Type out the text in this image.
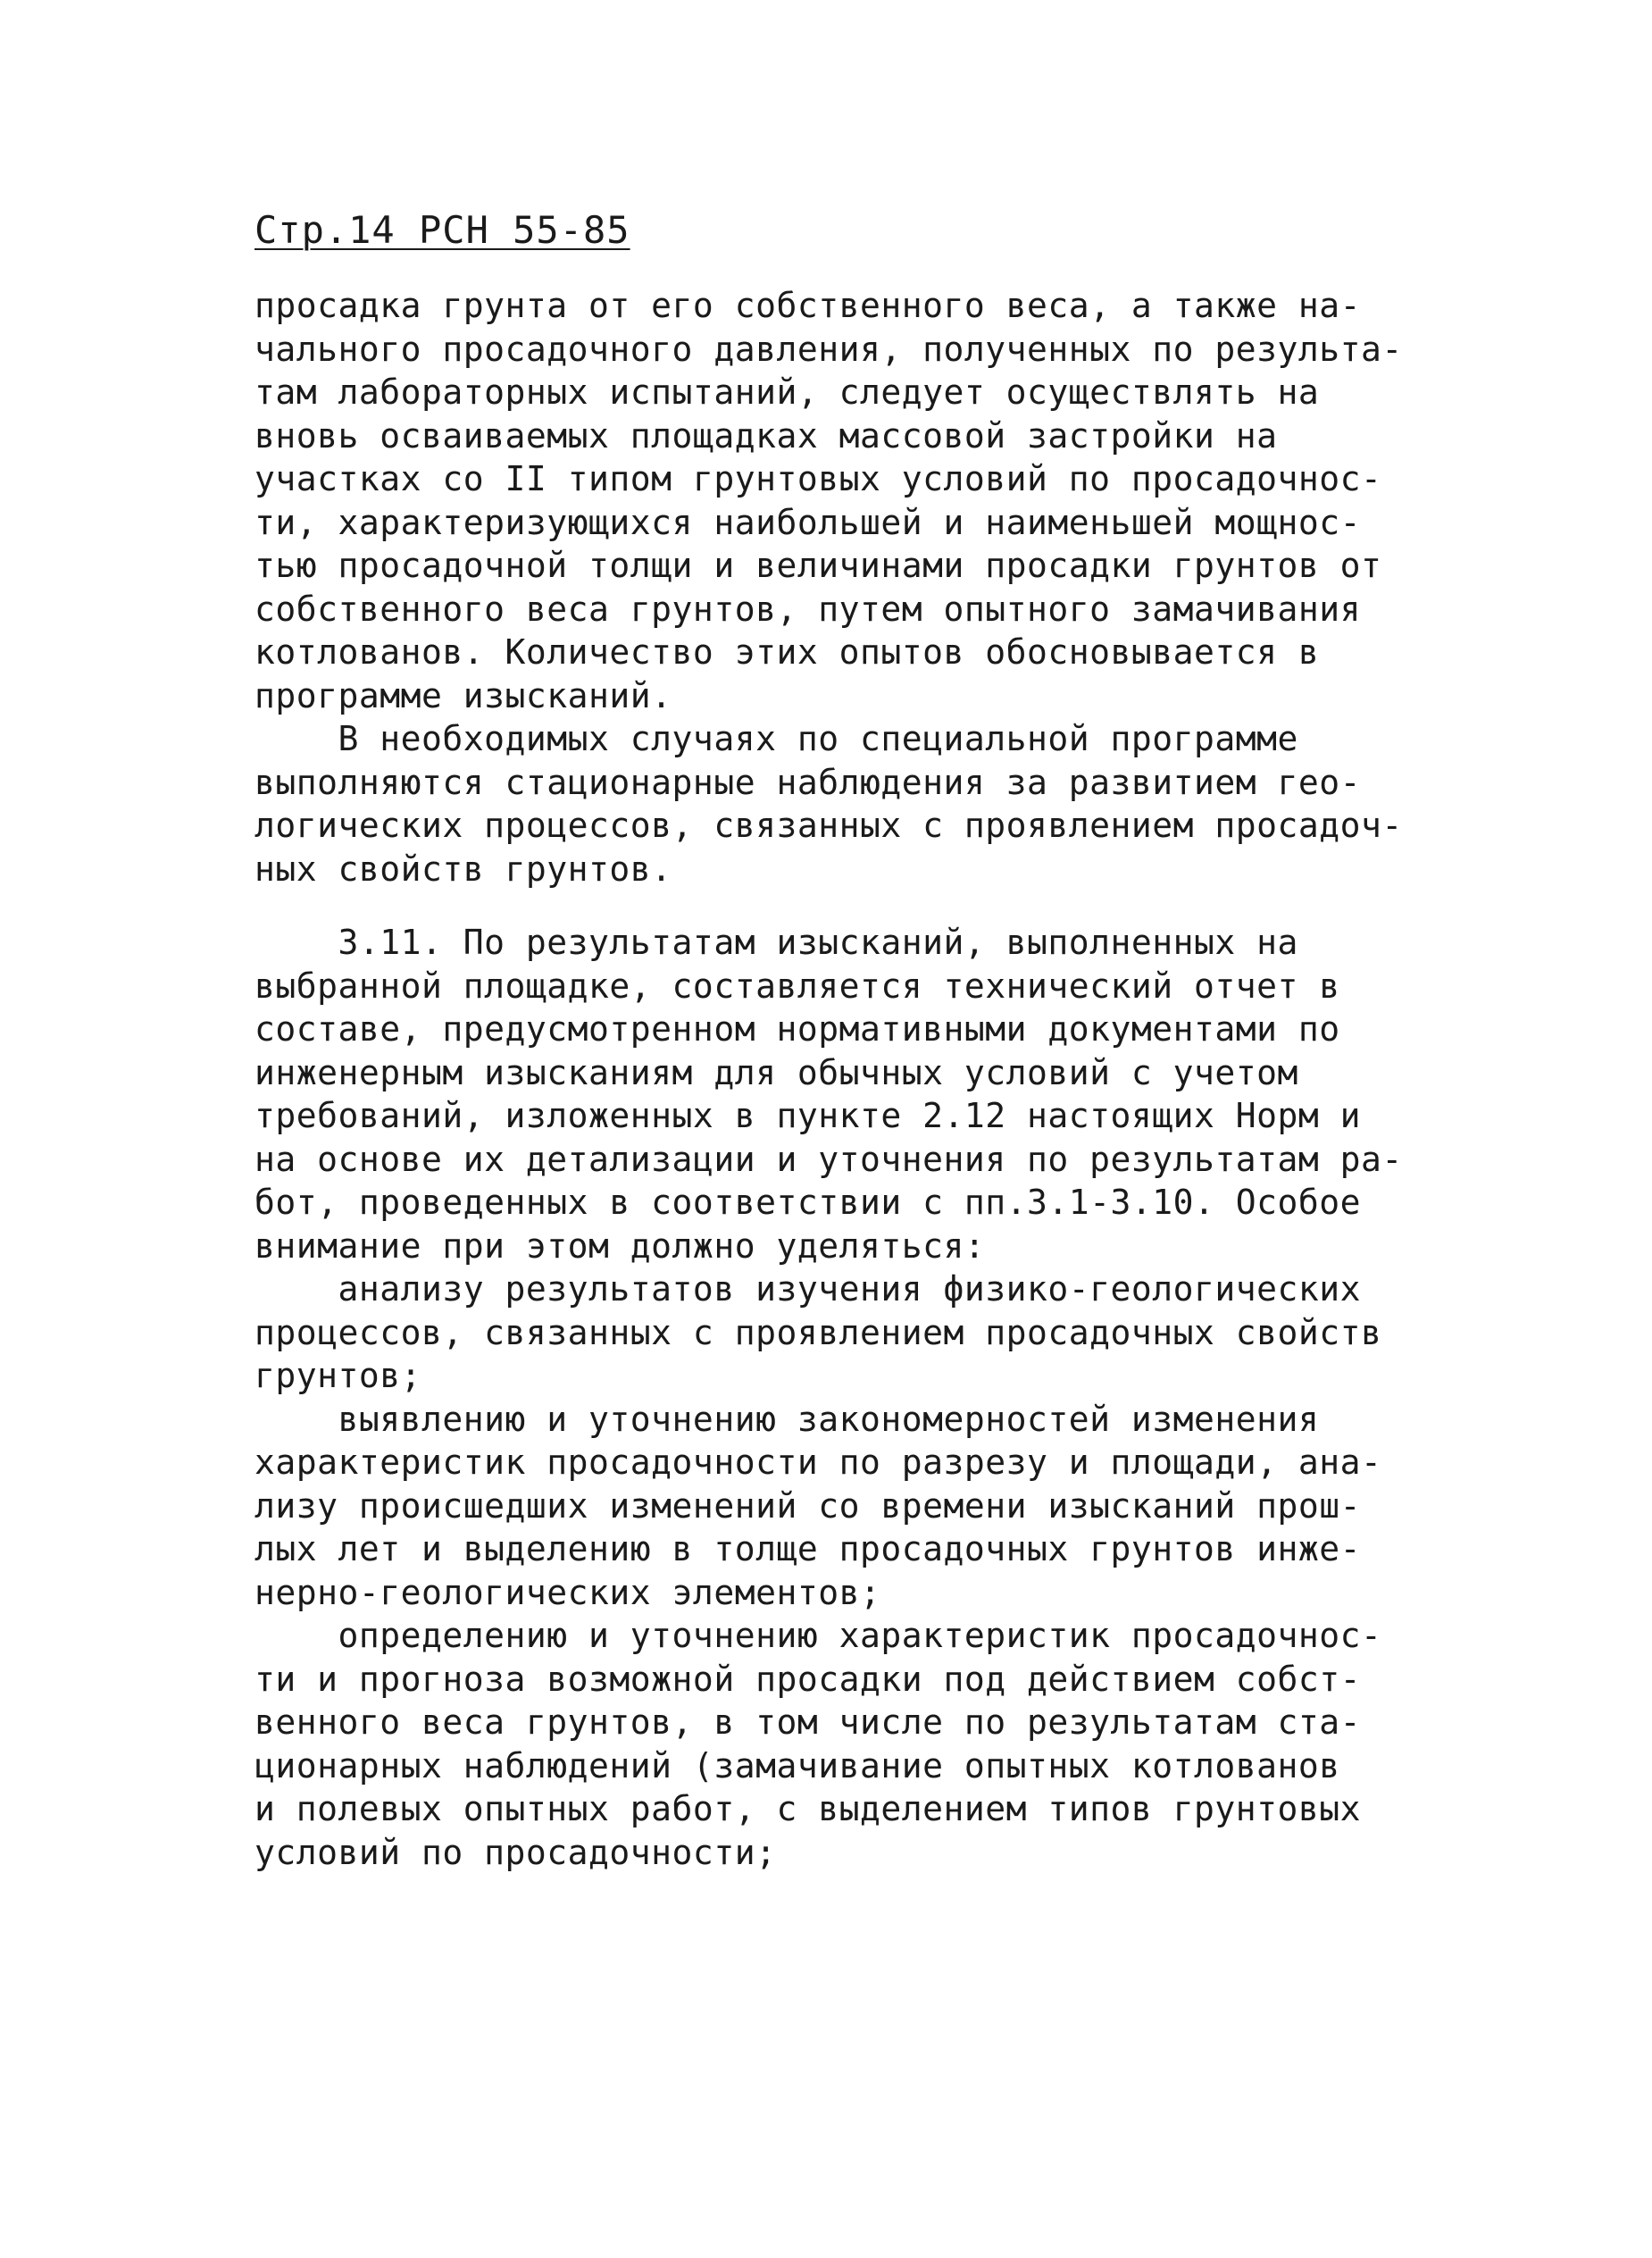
Стр.14 РСН 55-85
просадка грунта от его собственного веса, а также на-
чального просадочного давления, полученных по результа-
там лабораторных испытаний, следует осуществлять на
вновь осваиваемых площадках массовой застройки на
участках со II типом грунтовых условий по просадочнос-
ти, характеризующихся наибольшей и наименьшей мощнос-
тью просадочной толщи и величинами просадки грунтов от
собственного веса грунтов, путем опытного замачивания
котлованов. Количество этих опытов обосновывается в
программе изысканий.
В необходимых случаях по специальной программе
выполняются стационарные наблюдения за развитием гео-
логических процессов, связанных с проявлением просадоч-
ных свойств грунтов.
3.11. По результатам изысканий, выполненных на
выбранной площадке, составляется технический отчет в
составе, предусмотренном нормативными документами по
инженерным изысканиям для обычных условий с учетом
требований, изложенных в пункте 2.12 настоящих Норм и
на основе их детализации и уточнения по результатам ра-
бот, проведенных в соответствии с пп.3.1-3.10. Особое
внимание при этом должно уделяться:
анализу результатов изучения физико-геологических
процессов, связанных с проявлением просадочных свойств
грунтов;
выявлению и уточнению закономерностей изменения
характеристик просадочности по разрезу и площади, ана-
лизу происшедших изменений со времени изысканий прош-
лых лет и выделению в толще просадочных грунтов инже-
нерно-геологических элементов;
определению и уточнению характеристик просадочнос-
ти и прогноза возможной просадки под действием собст-
венного веса грунтов, в том числе по результатам ста-
ционарных наблюдений (замачивание опытных котлованов
и полевых опытных работ, с выделением типов грунтовых
условий по просадочности;
